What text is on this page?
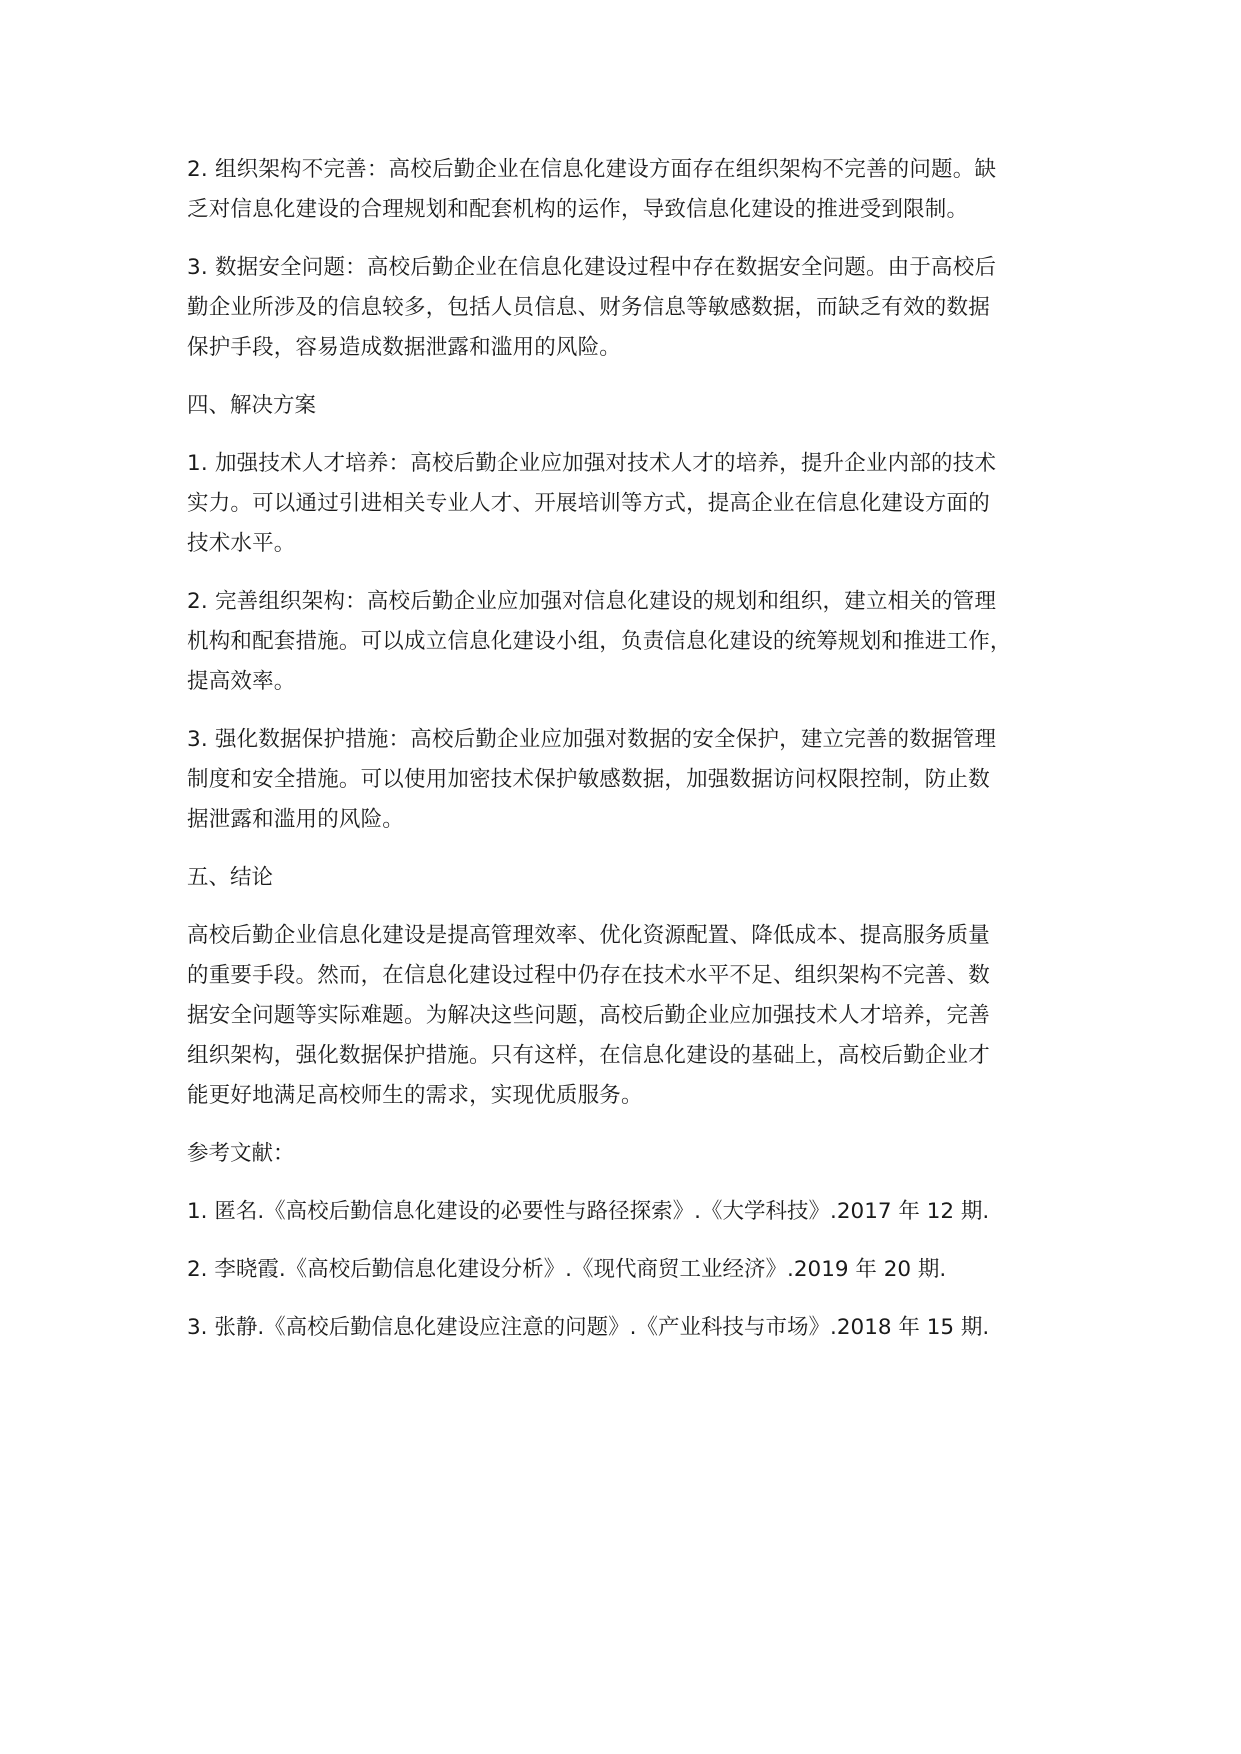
2. 组织架构不完善：高校后勤企业在信息化建设方面存在组织架构不完善的问题。缺
乏对信息化建设的合理规划和配套机构的运作，导致信息化建设的推进受到限制。

3. 数据安全问题：高校后勤企业在信息化建设过程中存在数据安全问题。由于高校后
勤企业所涉及的信息较多，包括人员信息、财务信息等敏感数据，而缺乏有效的数据
保护手段，容易造成数据泄露和滥用的风险。

四、解决方案

1. 加强技术人才培养：高校后勤企业应加强对技术人才的培养，提升企业内部的技术
实力。可以通过引进相关专业人才、开展培训等方式，提高企业在信息化建设方面的
技术水平。

2. 完善组织架构：高校后勤企业应加强对信息化建设的规划和组织，建立相关的管理
机构和配套措施。可以成立信息化建设小组，负责信息化建设的统筹规划和推进工作，
提高效率。

3. 强化数据保护措施：高校后勤企业应加强对数据的安全保护，建立完善的数据管理
制度和安全措施。可以使用加密技术保护敏感数据，加强数据访问权限控制，防止数
据泄露和滥用的风险。

五、结论

高校后勤企业信息化建设是提高管理效率、优化资源配置、降低成本、提高服务质量
的重要手段。然而，在信息化建设过程中仍存在技术水平不足、组织架构不完善、数
据安全问题等实际难题。为解决这些问题，高校后勤企业应加强技术人才培养，完善
组织架构，强化数据保护措施。只有这样，在信息化建设的基础上，高校后勤企业才
能更好地满足高校师生的需求，实现优质服务。

参考文献：

1. 匿名.《高校后勤信息化建设的必要性与路径探索》.《大学科技》.2017 年 12 期.

2. 李晓霞.《高校后勤信息化建设分析》.《现代商贸工业经济》.2019 年 20 期.

3. 张静.《高校后勤信息化建设应注意的问题》.《产业科技与市场》.2018 年 15 期.
